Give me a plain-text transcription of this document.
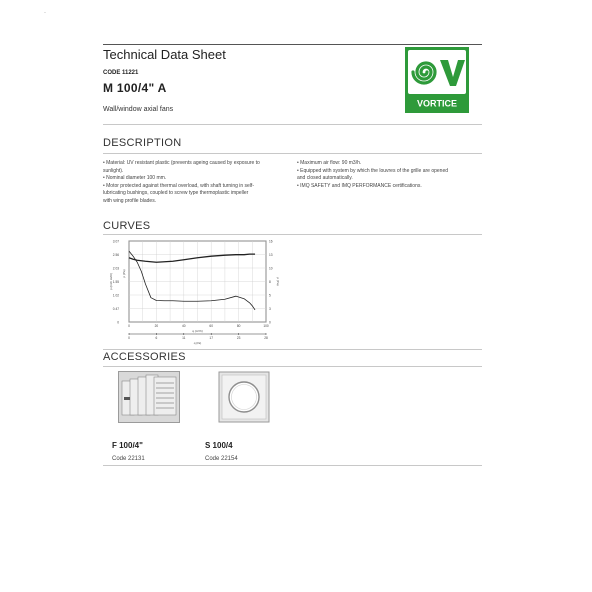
·
Technical Data Sheet
CODE 11221
M 100/4" A
Wall/window axial fans
VORTICE
DESCRIPTION
• Material: UV resistant plastic (prevents ageing caused by exposure to
sunlight).
• Nominal diameter 100 mm.
• Motor protected against thermal overload, with shaft turning in self-
lubricating bushings, coupled to screw type thermoplastic impeller
with wing profile blades.
• Maximum air flow: 90 m3/h.
• Equipped with system by which the louvres of the grille are opened
and closed automatically.
• IMQ SAFETY and IMQ PERFORMANCE certifications.
CURVES
3.07
2.56
2.03
1.55
1.02
0.47
0
16
13
10
8
5
3
0
0	20	40	60	80	100
0	6	11	17	23	28
q (m³/h)
q (l/s)
p (inch H2O)	p (Pa)
p (Pa)
ACCESSORIES
F 100/4"
Code 22131
S 100/4
Code 22154
